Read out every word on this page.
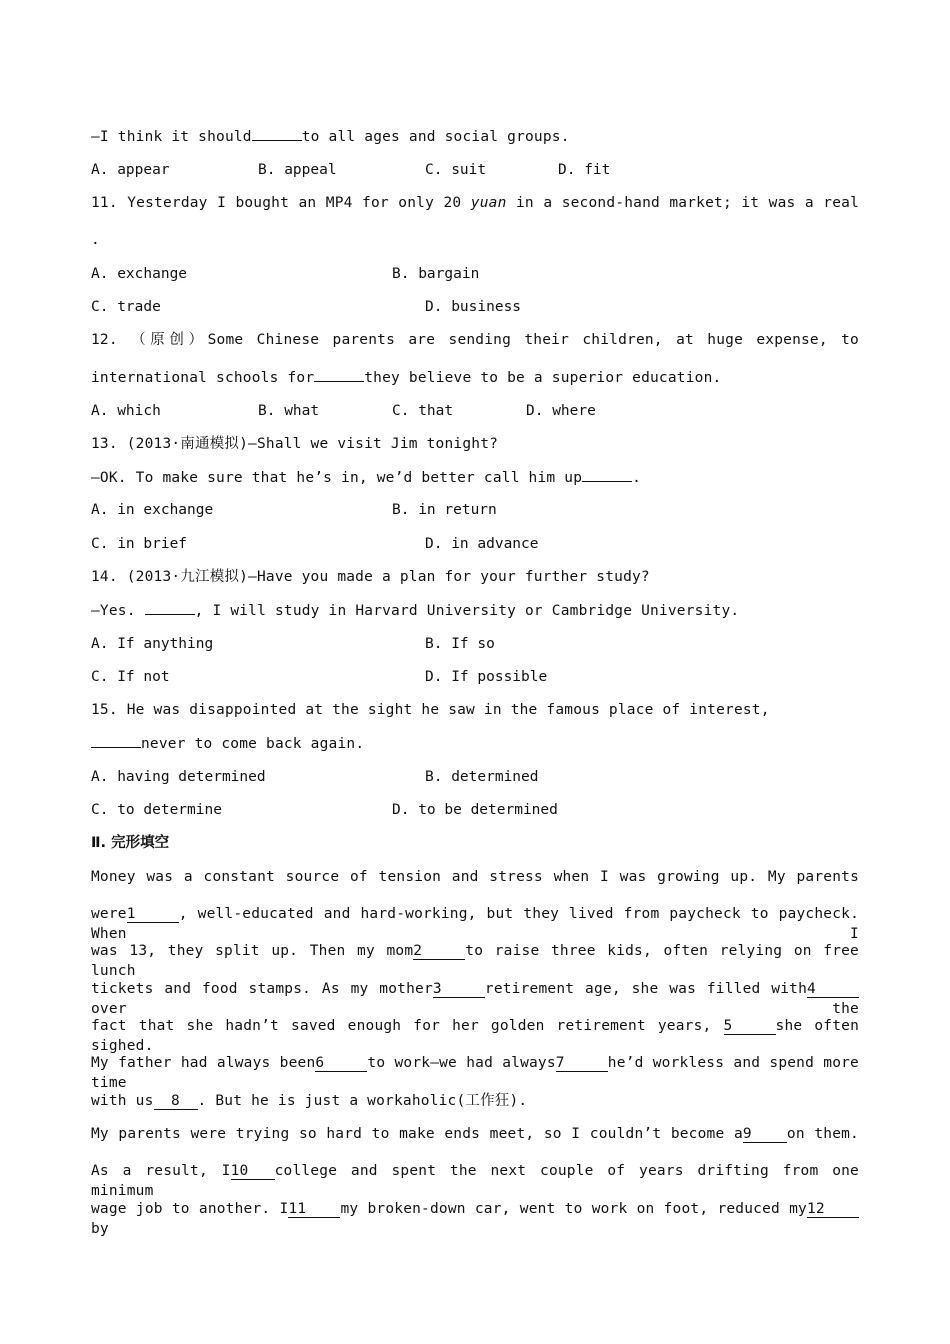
—I think it should	to all ages and social groups.
A. appear	B. appeal	C. suit	D. fit
11. Yesterday I bought an MP4 for only 20 yuan in a second-hand market; it was a real
.
A. exchange	B. bargain
C. trade	D. business
12. （原创）Some Chinese parents are sending their children, at huge expense, to
international schools for	they believe to be a superior education.
A. which	B. what	C. that	D. where
13. (2013·南通模拟)—Shall we visit Jim tonight?
—OK. To make sure that he’s in, we’d better call him up	.
A. in exchange	B. in return
C. in brief	D. in advance
14. (2013·九江模拟)—Have you made a plan for your further study?
—Yes.	, I will study in Harvard University or Cambridge University.
A. If anything	B. If so
C. If not	D. If possible
15. He was disappointed at the sight he saw in the famous place of interest,
never to come back again.
A. having determined	B. determined
C. to determine	D. to be determined
Ⅱ. 完形填空
Money was a constant source of tension and stress when I was growing up. My parents
were1	, well-educated and hard-working, but they lived from paycheck to paycheck. When I
was 13, they split up. Then my mom2	to raise three kids, often relying on free lunch
tickets and food stamps. As my mother3	retirement age, she was filled with4over the
fact that she hadn’t saved enough for her golden retirement years, 5	she often sighed.
My father had always been6	to work—we had always7	he’d workless and spend more time
with us 8 . But he is just a workaholic(工作狂).
My parents were trying so hard to make ends meet, so I couldn’t become a9 on them.
As a result, I10 college and spent the next couple of years drifting from one minimum
wage job to another. I11 my broken-down car, went to work on foot, reduced my12by
